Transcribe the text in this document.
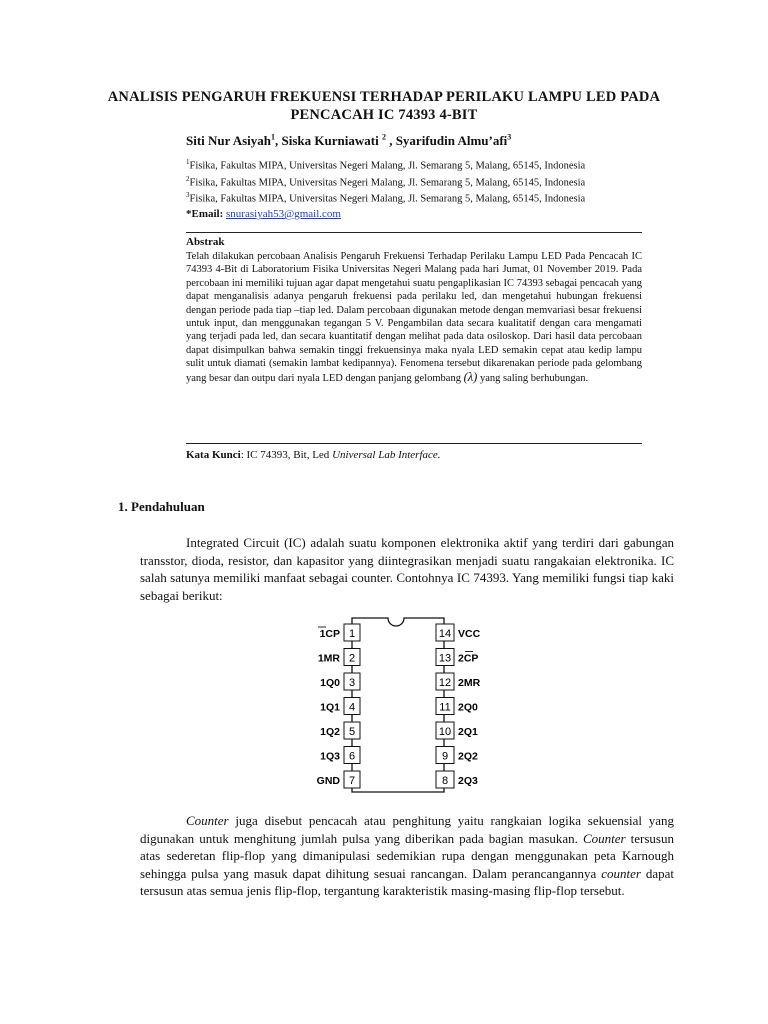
ANALISIS PENGARUH FREKUENSI TERHADAP PERILAKU LAMPU LED PADA
PENCACAH IC 74393 4-BIT
Siti Nur Asiyah$^1$, Siska Kurniawati $^2$ , Syarifudin Almu’afi$^3$
$^1$Fisika, Fakultas MIPA, Universitas Negeri Malang, Jl. Semarang 5, Malang, 65145, Indonesia
$^2$Fisika, Fakultas MIPA, Universitas Negeri Malang, Jl. Semarang 5, Malang, 65145, Indonesia
$^3$Fisika, Fakultas MIPA, Universitas Negeri Malang, Jl. Semarang 5, Malang, 65145, Indonesia
*Email: snurasiyah53@gmail.com
Abstrak
Telah dilakukan percobaan Analisis Pengaruh Frekuensi Terhadap Perilaku Lampu LED Pada Pencacah IC 74393 4-Bit di Laboratorium Fisika Universitas Negeri Malang pada hari Jumat, 01 November 2019. Pada percobaan ini memiliki tujuan agar dapat mengetahui suatu pengaplikasian IC 74393 sebagai pencacah yang dapat menganalisis adanya pengaruh frekuensi pada perilaku led, dan mengetahui hubungan frekuensi dengan periode pada tiap –tiap led. Dalam percobaan digunakan metode dengan memvariasi besar frekuensi untuk input, dan menggunakan tegangan 5 V. Pengambilan data secara kualitatif dengan cara mengamati yang terjadi pada led, dan secara kuantitatif dengan melihat pada data osiloskop. Dari hasil data percobaan dapat disimpulkan bahwa semakin tinggi frekuensinya maka nyala LED semakin cepat atau kedip lampu sulit untuk diamati (semakin lambat kedipannya). Fenomena tersebut dikarenakan periode pada gelombang yang besar dan outpu dari nyala LED dengan panjang gelombang (λ) yang saling berhubungan.
Kata Kunci: IC 74393, Bit, Led Universal Lab Interface.
1. Pendahuluan
Integrated Circuit (IC) adalah suatu komponen elektronika aktif yang terdiri dari gabungan transstor, dioda, resistor, dan kapasitor yang diintegrasikan menjadi suatu rangakaian elektronika. IC salah satunya memiliki manfaat sebagai counter. Contohnya IC 74393. Yang memiliki fungsi tiap kaki sebagai berikut:
1
1CP
2
1MR
3
1Q0
4
1Q1
5
1Q2
6
1Q3
7
GND
14 VCC
13 2CP
12 2MR
11 2Q0
10 2Q1
9 2Q2
8 2Q3
Counter juga disebut pencacah atau penghitung yaitu rangkaian logika sekuensial yang digunakan untuk menghitung jumlah pulsa yang diberikan pada bagian masukan. Counter tersusun atas sederetan flip-flop yang dimanipulasi sedemikian rupa dengan menggunakan peta Karnough sehingga pulsa yang masuk dapat dihitung sesuai rancangan. Dalam perancangannya counter dapat tersusun atas semua jenis flip-flop, tergantung karakteristik masing-masing flip-flop tersebut.
